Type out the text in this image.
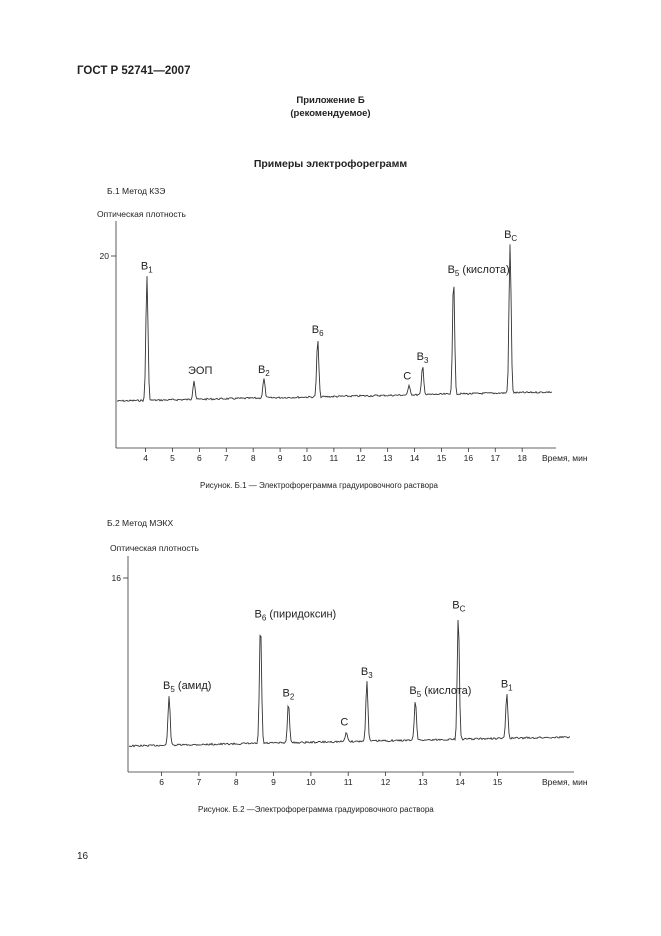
ГОСТ Р 52741—2007
Приложение Б
(рекомендуемое)
Примеры электрофореграмм
Б.1 Метод КЗЭ
Рисунок. Б.1 — Электрофореграмма градуировочного раствора
Б.2 Метод МЭКХ
Рисунок. Б.2 —Электрофореграмма градуировочного раствора
Оптическая плотность
20
4	5	6	7	8	9 10 11 12 13 14 15 16 17 18 Время, мин
$B_1$
ЭОП	$B_2$
$B_6$
C
$B_3$
$B_5$ (кислота)
$B_C$
Оптическая плотность
16
6	7	8	9	10	11	12	13	14	15	Время, мин
$B_5$ (амид)
$B_6$ (пиридоксин)
$B_2$
C
$B_3$
$B_5$ (кислота)
$B_C$
$B_1$
16
